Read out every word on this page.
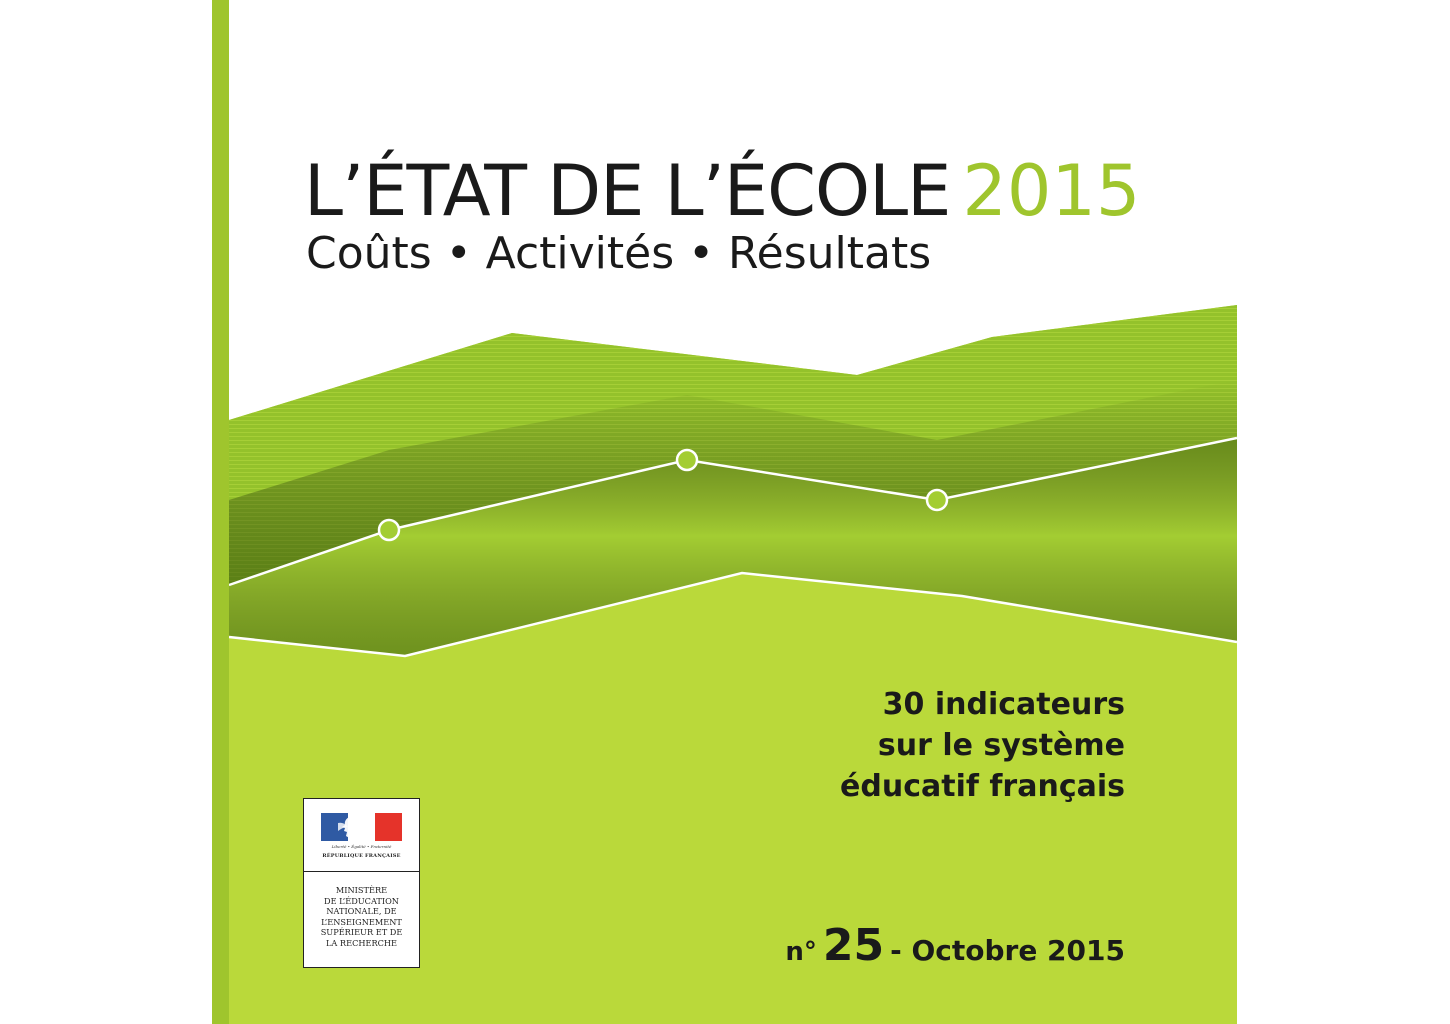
L’ÉTAT DE L’ÉCOLE 2015
Coûts • Activités • Résultats
30 indicateurs
sur le système
éducatif français
n° 25 - Octobre 2015
Liberté • Égalité • Fraternité
RÉPUBLIQUE FRANÇAISE
MINISTÈRE
DE L’ÉDUCATION
NATIONALE, DE
L’ENSEIGNEMENT
SUPÉRIEUR ET DE
LA RECHERCHE
